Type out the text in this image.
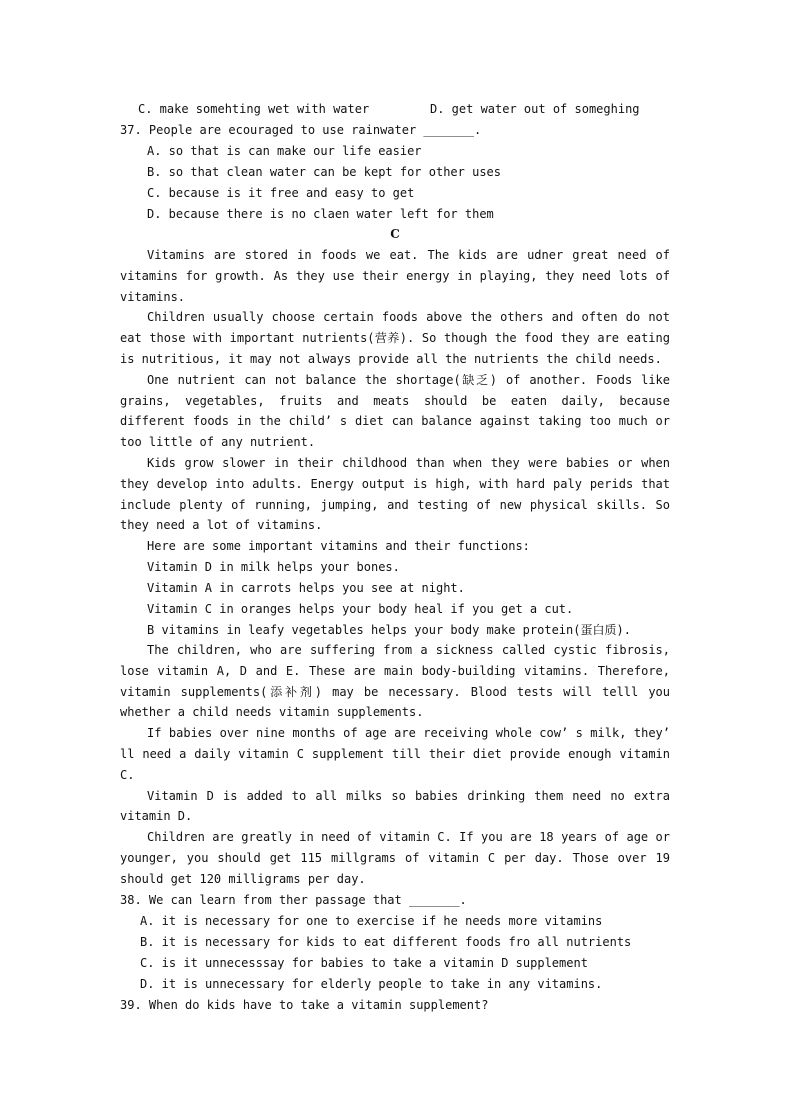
C. make somehting wet with water	D. get water out of someghing
37. People are ecouraged to use rainwater _______.
A. so that is can make our life easier
B. so that clean water can be kept for other uses
C. because is it free and easy to get
D. because there is no claen water left for them
C

Vitamins are stored in foods we eat. The kids are udner great need of vitamins for growth. As they use their energy in playing, they need lots of vitamins.

Children usually choose certain foods above the others and often do not eat those with important nutrients(营养). So though the food they are eating is nutritious, it may not always provide all the nutrients the child needs.

One nutrient can not balance the shortage(缺乏) of another. Foods like grains, vegetables, fruits and meats should be eaten daily, because different foods in the child’ s diet can balance against taking too much or too little of any nutrient.

Kids grow slower in their childhood than when they were babies or when they develop into adults. Energy output is high, with hard paly perids that include plenty of running, jumping, and testing of new physical skills. So they need a lot of vitamins.

Here are some important vitamins and their functions:
Vitamin D in milk helps your bones.
Vitamin A in carrots helps you see at night.
Vitamin C in oranges helps your body heal if you get a cut.
B vitamins in leafy vegetables helps your body make protein(蛋白质).

The children, who are suffering from a sickness called cystic fibrosis, lose vitamin A, D and E. These are main body-building vitamins. Therefore, vitamin supplements(添补剂) may be necessary. Blood tests will telll you whether a child needs vitamin supplements.

If babies over nine months of age are receiving whole cow’ s milk, they’ ll need a daily vitamin C supplement till their diet provide enough vitamin C.

Vitamin D is added to all milks so babies drinking them need no extra vitamin D.

Children are greatly in need of vitamin C. If you are 18 years of age or younger, you should get 115 millgrams of vitamin C per day. Those over 19 should get 120 milligrams per day.

38. We can learn from ther passage that _______.
A. it is necessary for one to exercise if he needs more vitamins
B. it is necessary for kids to eat different foods fro all nutrients
C. is it unnecesssay for babies to take a vitamin D supplement
D. it is unnecessary for elderly people to take in any vitamins.
39. When do kids have to take a vitamin supplement?
